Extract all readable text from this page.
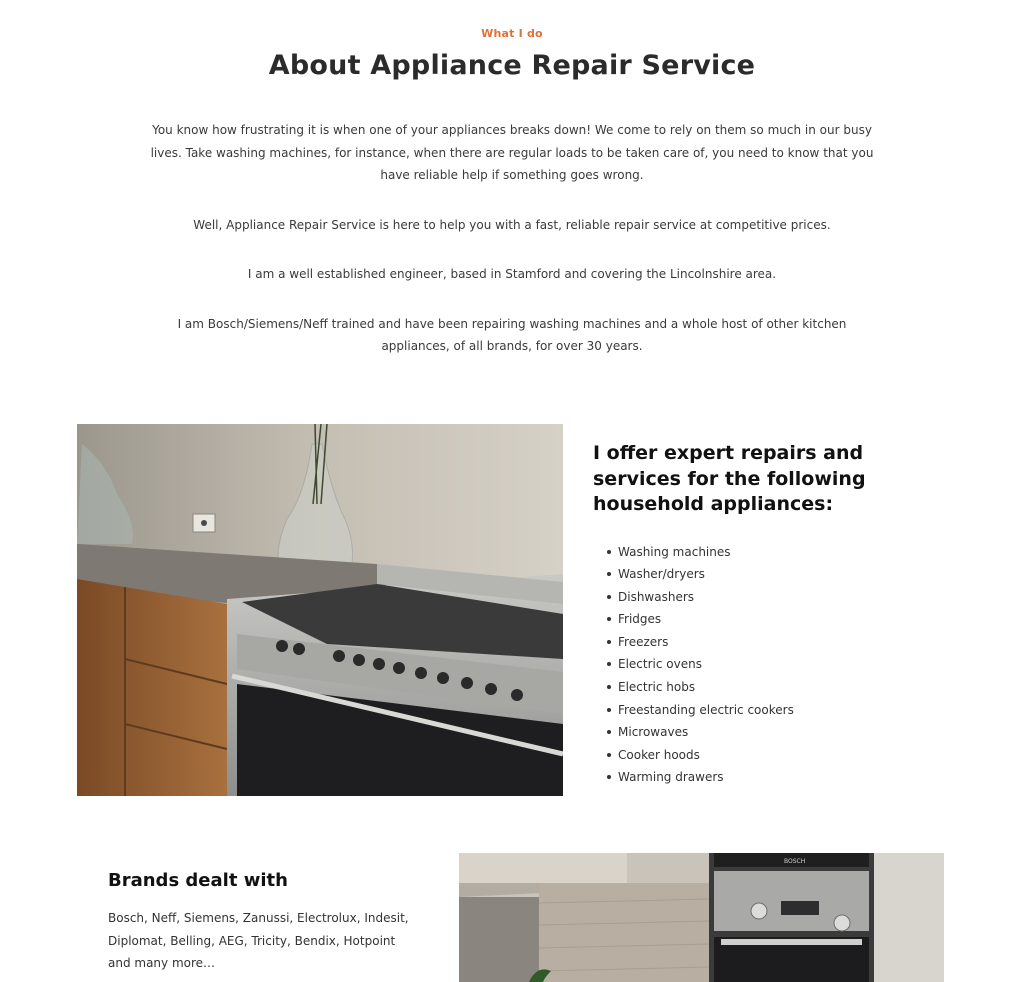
What I do
About Appliance Repair Service

You know how frustrating it is when one of your appliances breaks down! We come to rely on them so much in our busy lives. Take washing machines, for instance, when there are regular loads to be taken care of, you need to know that you have reliable help if something goes wrong.

Well, Appliance Repair Service is here to help you with a fast, reliable repair service at competitive prices.

I am a well established engineer, based in Stamford and covering the Lincolnshire area.

I am Bosch/Siemens/Neff trained and have been repairing washing machines and a whole host of other kitchen appliances, of all brands, for over 30 years.

I offer expert repairs and services for the following household appliances:
Washing machines
Washer/dryers
Dishwashers
Fridges
Freezers
Electric ovens
Electric hobs
Freestanding electric cookers
Microwaves
Cooker hoods
Warming drawers
Brands dealt with

Bosch, Neff, Siemens, Zanussi, Electrolux, Indesit, Diplomat, Belling, AEG, Tricity, Bendix, Hotpoint and many more…

BOSCH
